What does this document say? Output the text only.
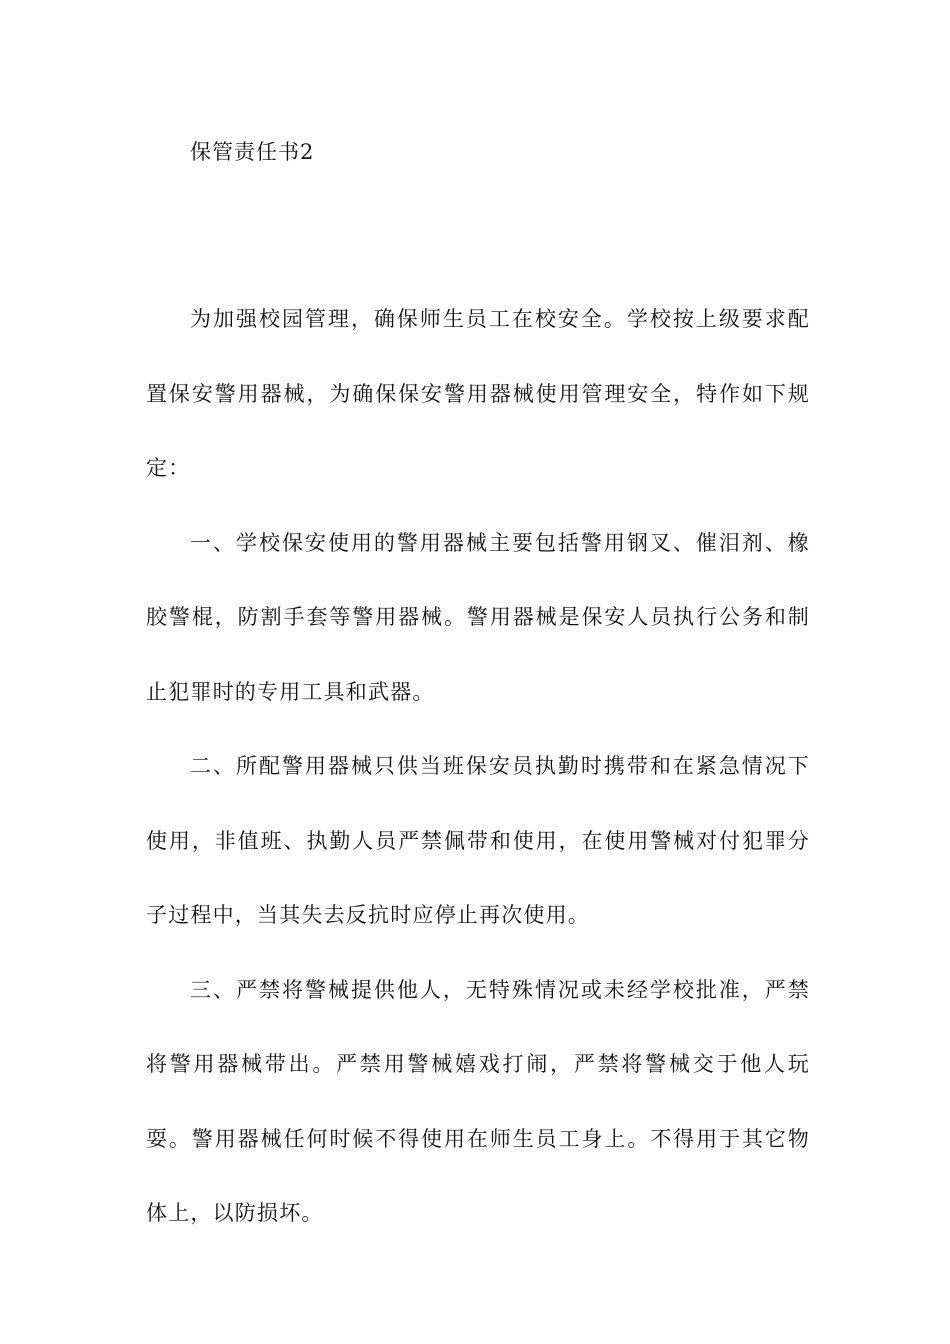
保管责任书2

为加强校园管理，确保师生员工在校安全。学校按上级要求配置保安警用器械，为确保保安警用器械使用管理安全，特作如下规定：

一、学校保安使用的警用器械主要包括警用钢叉、催泪剂、橡胶警棍，防割手套等警用器械。警用器械是保安人员执行公务和制止犯罪时的专用工具和武器。

二、所配警用器械只供当班保安员执勤时携带和在紧急情况下使用，非值班、执勤人员严禁佩带和使用，在使用警械对付犯罪分子过程中，当其失去反抗时应停止再次使用。

三、严禁将警械提供他人，无特殊情况或未经学校批准，严禁将警用器械带出。严禁用警械嬉戏打闹，严禁将警械交于他人玩耍。警用器械任何时候不得使用在师生员工身上。不得用于其它物体上，以防损坏。
